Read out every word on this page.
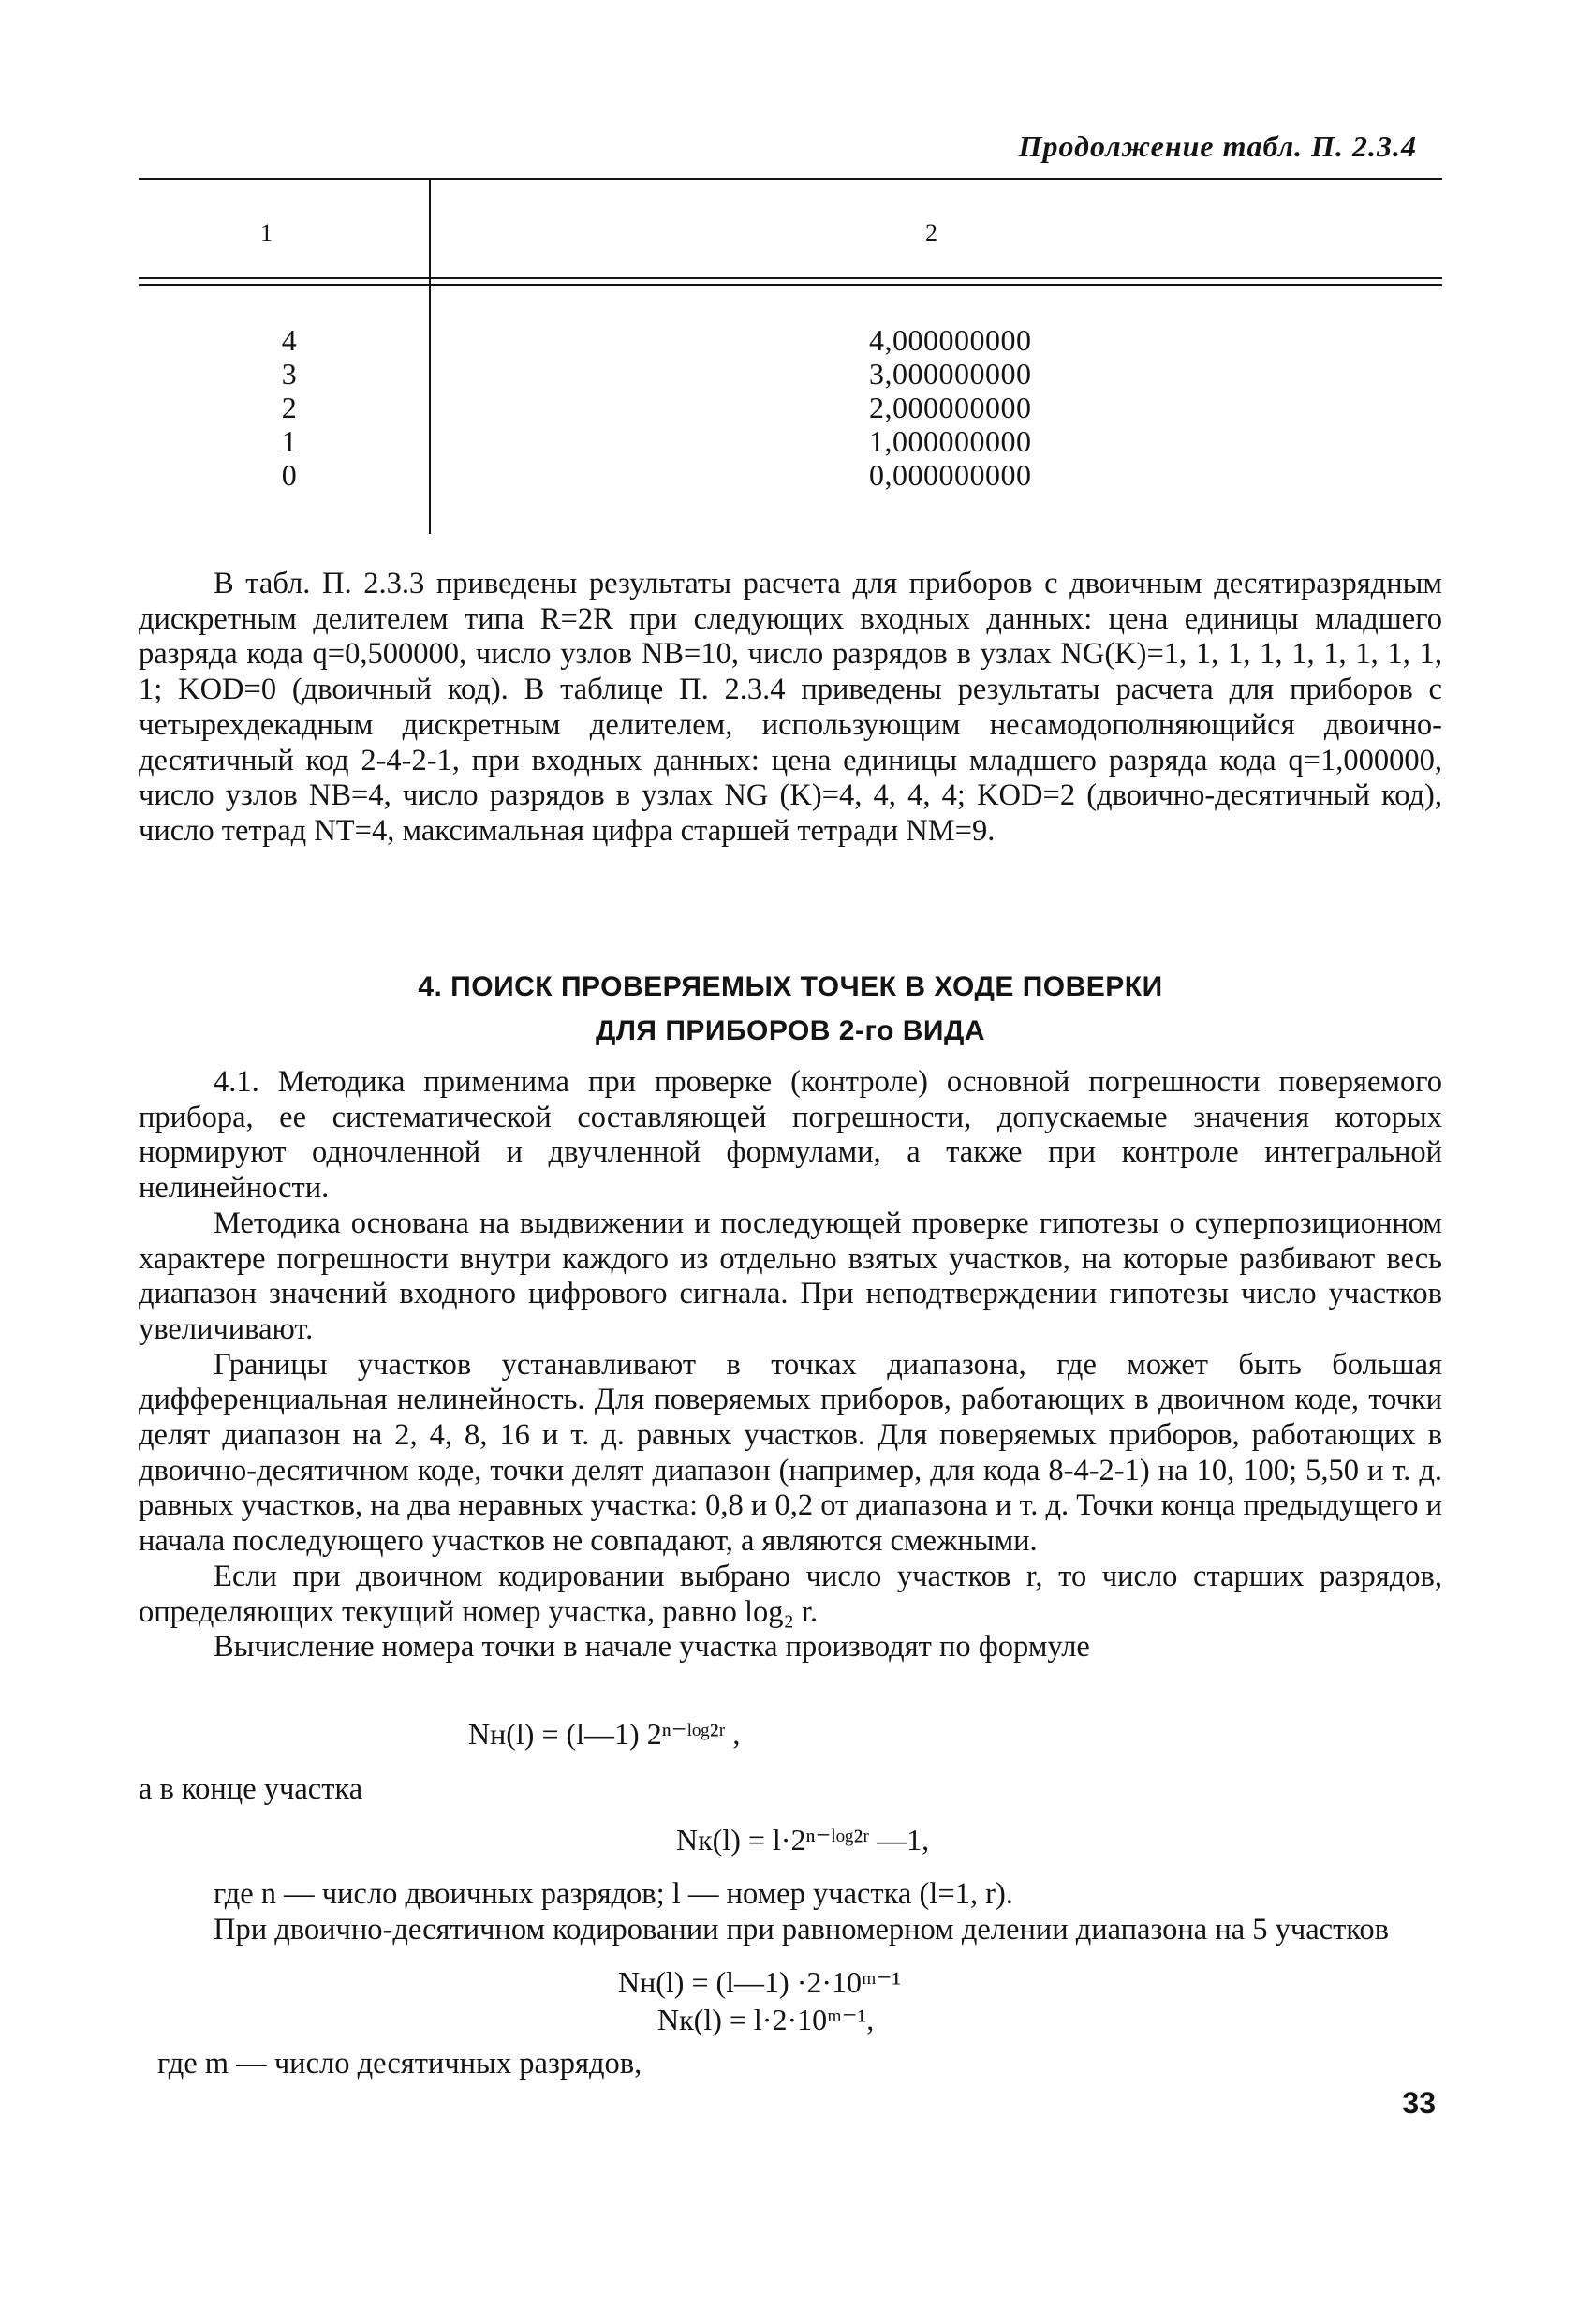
Продолжение табл. П. 2.3.4
1	2
4
3
2
1
0
4,000000000
3,000000000
2,000000000
1,000000000
0,000000000

В табл. П. 2.3.3 приведены результаты расчета для приборов с двоичным десятиразрядным дискретным делителем типа R=2R при следующих входных данных: цена единицы младшего разряда кода q=0,500000, число узлов NB=10, число разрядов в узлах NG(K)=1, 1, 1, 1, 1, 1, 1, 1, 1, 1; KOD=0 (двоичный код). В таблице П. 2.3.4 приведены результаты расчета для приборов с четырехдекадным дискретным делителем, использующим несамодополняющийся двоично-десятичный код 2-4-2-1, при входных данных: цена единицы младшего разряда кода q=1,000000, число узлов NB=4, число разрядов в узлах NG (K)=4, 4, 4, 4; KOD=2 (двоично-десятичный код), число тетрад NT=4, максимальная цифра старшей тетради NM=9.

4. ПОИСК ПРОВЕРЯЕМЫХ ТОЧЕК В ХОДЕ ПОВЕРКИ
ДЛЯ ПРИБОРОВ 2-го ВИДА

4.1. Методика применима при проверке (контроле) основной погрешности поверяемого прибора, ее систематической составляющей погрешности, допускаемые значения которых нормируют одночленной и двучленной формулами, а также при контроле интегральной нелинейности.

Методика основана на выдвижении и последующей проверке гипотезы о суперпозиционном характере погрешности внутри каждого из отдельно взятых участков, на которые разбивают весь диапазон значений входного цифрового сигнала. При неподтверждении гипотезы число участков увеличивают.

Границы участков устанавливают в точках диапазона, где может быть большая дифференциальная нелинейность. Для поверяемых приборов, работающих в двоичном коде, точки делят диапазон на 2, 4, 8, 16 и т. д. равных участков. Для поверяемых приборов, работающих в двоично-десятичном коде, точки делят диапазон (например, для кода 8-4-2-1) на 10, 100; 5,50 и т. д. равных участков, на два неравных участка: 0,8 и 0,2 от диапазона и т. д. Точки конца предыдущего и начала последующего участков не совпадают, а являются смежными.

Если при двоичном кодировании выбрано число участков r, то число старших разрядов, определяющих текущий номер участка, равно log₂ r.

Вычисление номера точки в начале участка производят по формуле

Nн(l) = (l—1) 2ⁿ⁻ˡᵒᵍ²ʳ ,

а в конце участка

Nк(l) = l·2ⁿ⁻ˡᵒᵍ²ʳ —1,

где n — число двоичных разрядов; l — номер участка (l=1, r).

При двоично-десятичном кодировании при равномерном делении диапазона на 5 участков

Nн(l) = (l—1) ·2·10ᵐ⁻¹
Nк(l) = l·2·10ᵐ⁻¹,

где m — число десятичных разрядов,

33
